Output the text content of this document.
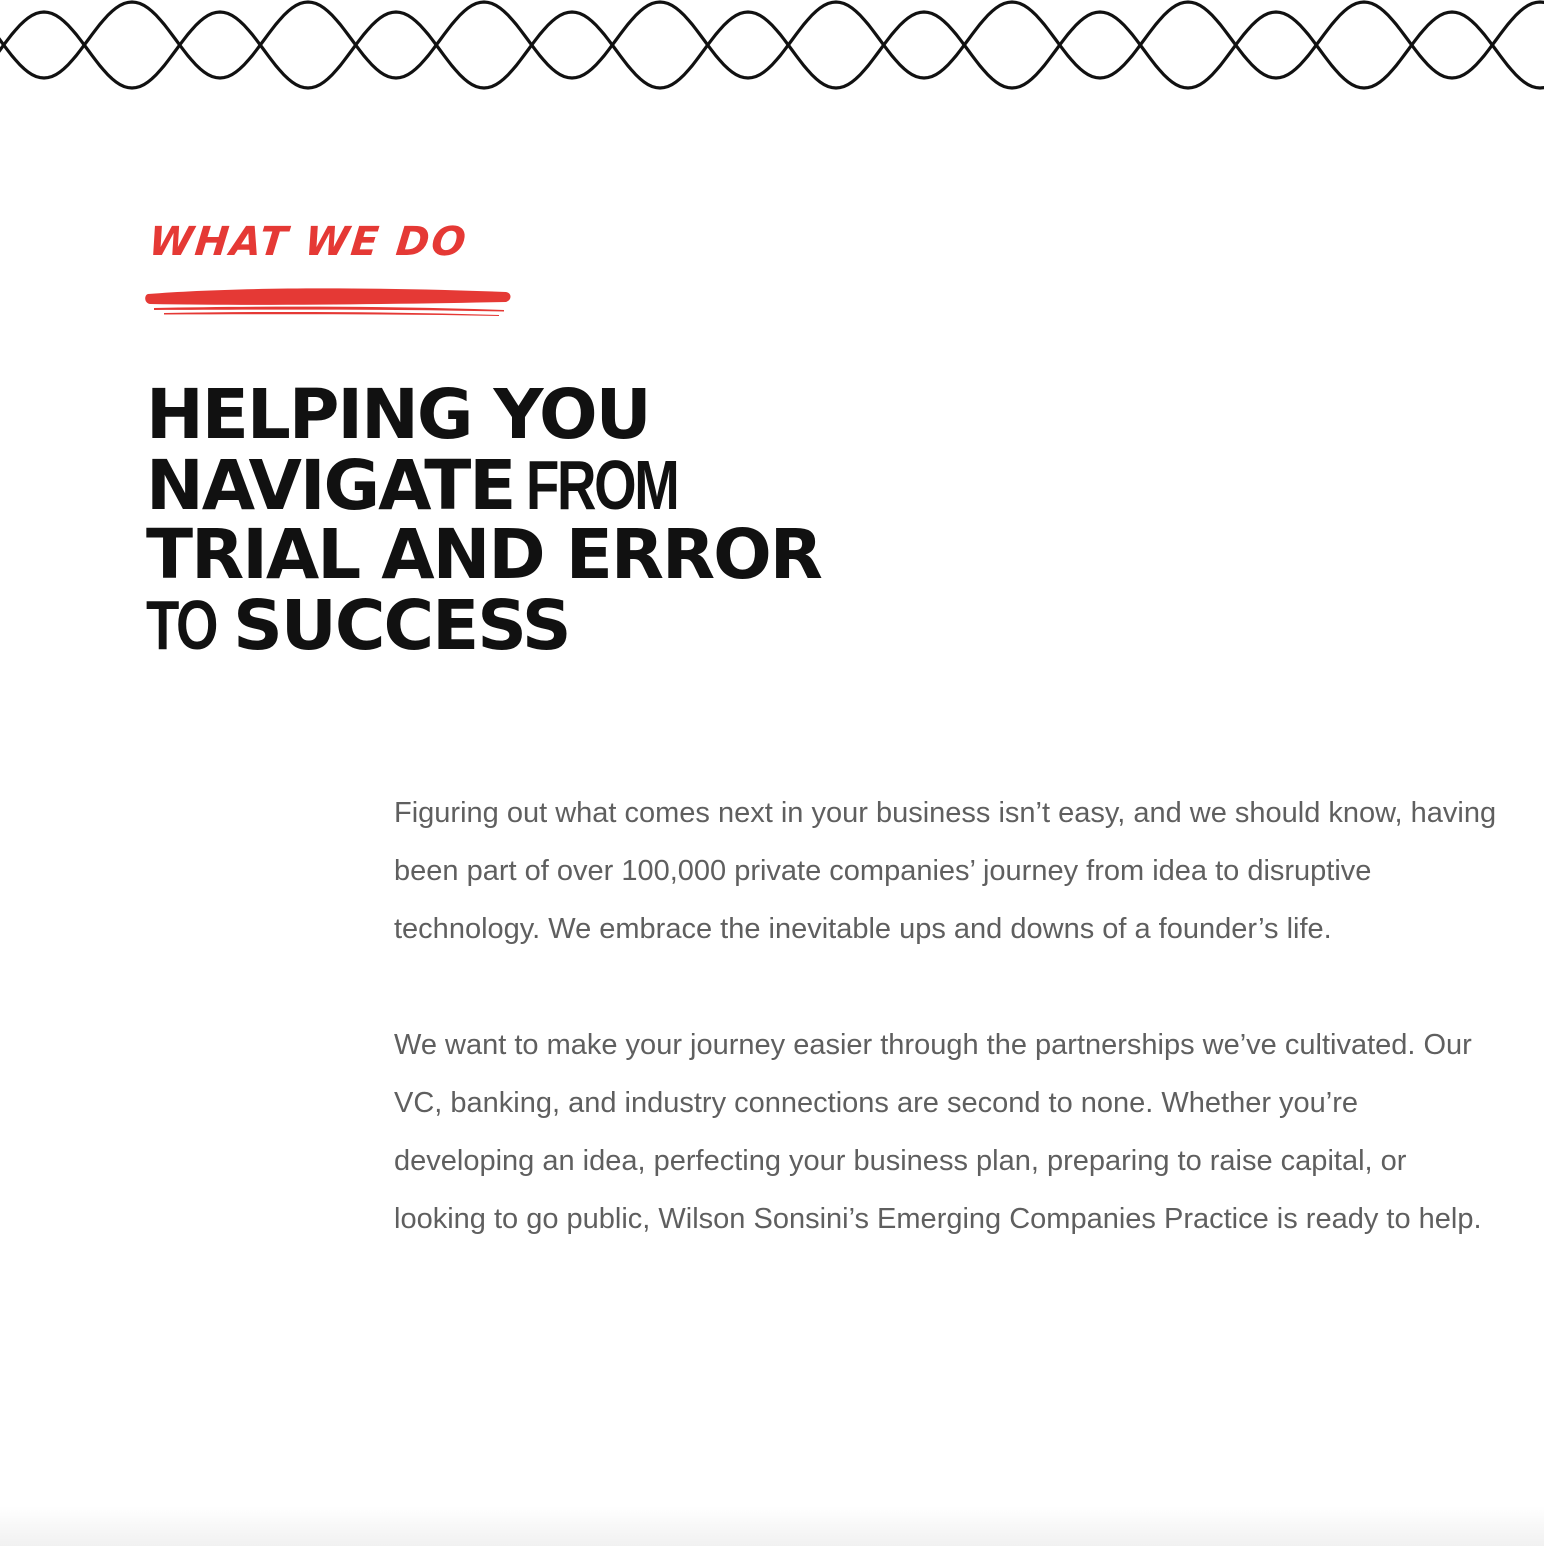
WHAT WE DO
HELPING YOU
NAVIGATE FROM
TRIAL AND ERROR
TO SUCCESS

Figuring out what comes next in your business isn’t easy, and we should know, having been part of over 100,000 private companies’ journey from idea to disruptive technology. We embrace the inevitable ups and downs of a founder’s life.

We want to make your journey easier through the partnerships we’ve cultivated. Our VC, banking, and industry connections are second to none. Whether you’re developing an idea, perfecting your business plan, preparing to raise capital, or looking to go public, Wilson Sonsini’s Emerging Companies Practice is ready to help.
